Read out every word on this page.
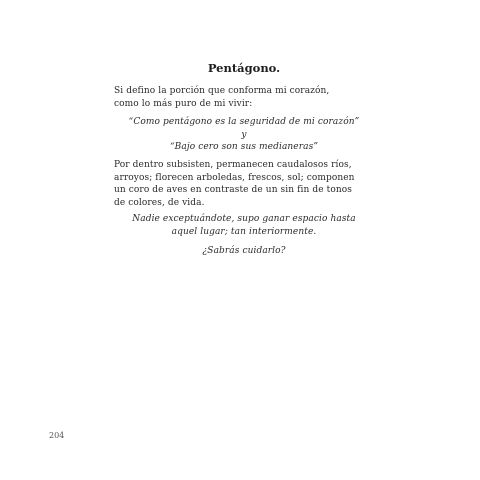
Pentágono.

Si defino la porción que conforma mi corazón,
como lo más puro de mi vivir:

“Como pentágono es la seguridad de mi corazón”
y
“Bajo cero son sus medianeras”

Por dentro subsisten, permanecen caudalosos ríos,
arroyos; florecen arboledas, frescos, sol; componen
un coro de aves en contraste de un sin fin de tonos
de colores, de vida.

Nadie exceptuándote, supo ganar espacio hasta
aquel lugar; tan interiormente.

¿Sabrás cuidarlo?

204
